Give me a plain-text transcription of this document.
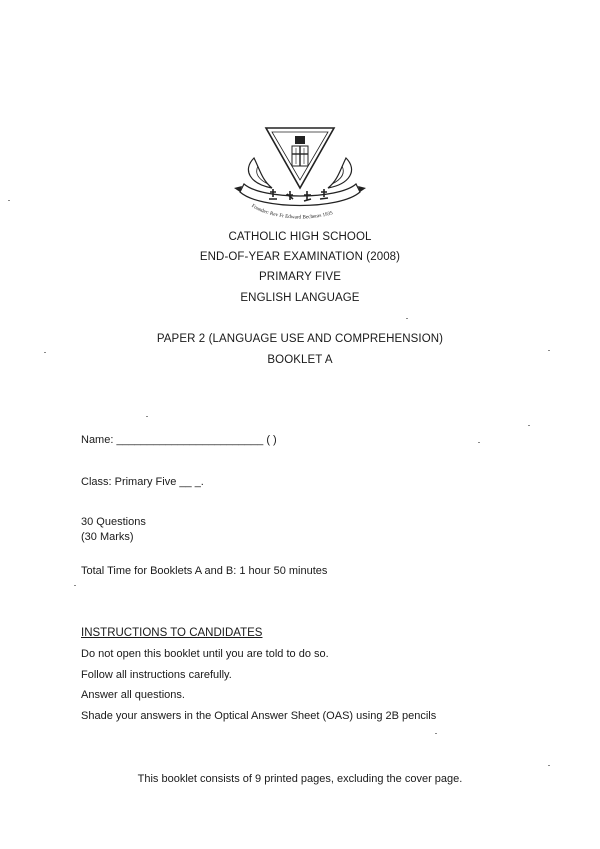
Founder: Rev Fr Edward Becheras 1935
CATHOLIC HIGH SCHOOL
END-OF-YEAR EXAMINATION (2008)
PRIMARY FIVE
ENGLISH LANGUAGE
PAPER 2 (LANGUAGE USE AND COMPREHENSION)
BOOKLET A
Name: ________________________ ( )
Class: Primary Five __ _.
30 Questions
(30 Marks)
Total Time for Booklets A and B: 1 hour 50 minutes
INSTRUCTIONS TO CANDIDATES
Do not open this booklet until you are told to do so.
Follow all instructions carefully.
Answer all questions.
Shade your answers in the Optical Answer Sheet (OAS) using 2B pencils
This booklet consists of 9 printed pages, excluding the cover page.
